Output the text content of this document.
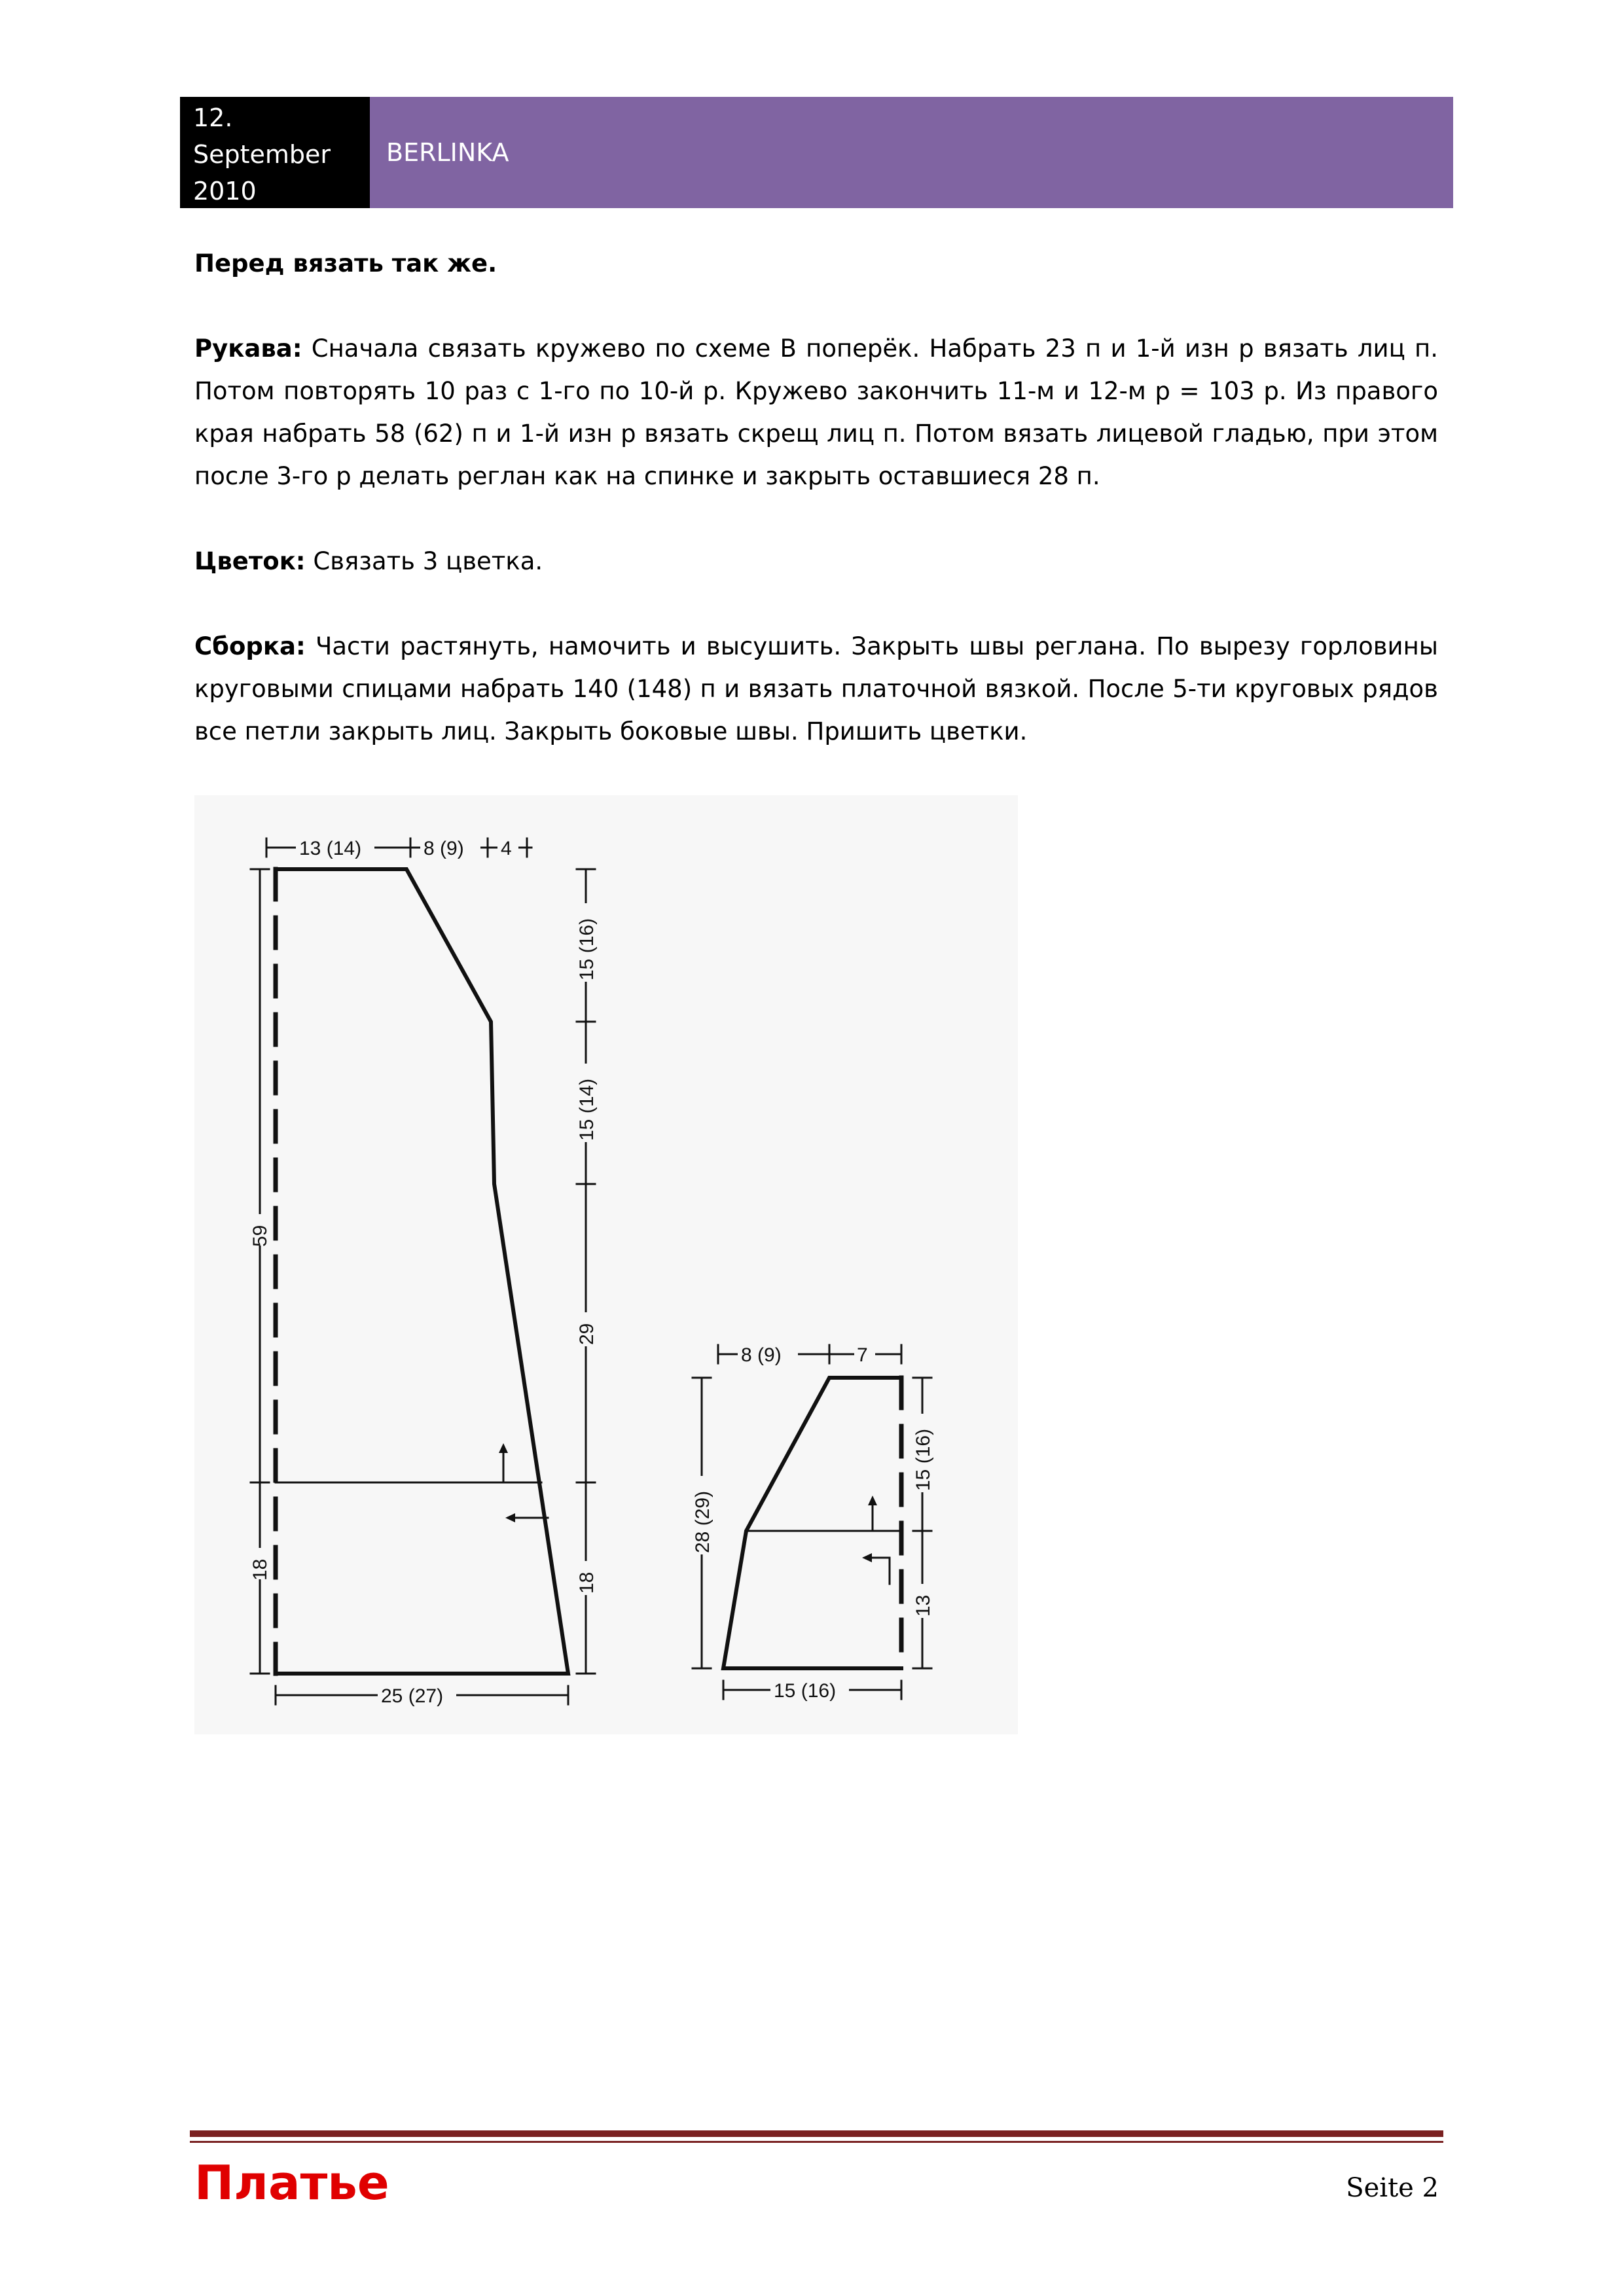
12.
September
2010
BERLINKA

Перед вязать так же.

Рукава: Сначала связать кружево по схеме B поперёк. Набрать 23 п и 1-й изн р вязать лиц п. Потом повторять 10 раз с 1-го по 10-й р. Кружево закончить 11-м и 12-м р = 103 р. Из правого края набрать 58 (62) п и 1-й изн р вязать скрещ лиц п. Потом вязать лицевой гладью, при этом после 3-го р делать реглан как на спинке и закрыть оставшиеся 28 п.

Цветок: Связать 3 цветка.

Сборка: Части растянуть, намочить и высушить. Закрыть швы реглана. По вырезу горловины круговыми спицами набрать 140 (148) п и вязать платочной вязкой. После 5-ти круговых рядов все петли закрыть лиц. Закрыть боковые швы. Пришить цветки.

13 (14)	8 (9) 4
59
18
15 (16)
15 (14)
29
18
25 (27)
8 (9)	7
28 (29)
15 (16)
13
15 (16)
Платье	Seite 2
